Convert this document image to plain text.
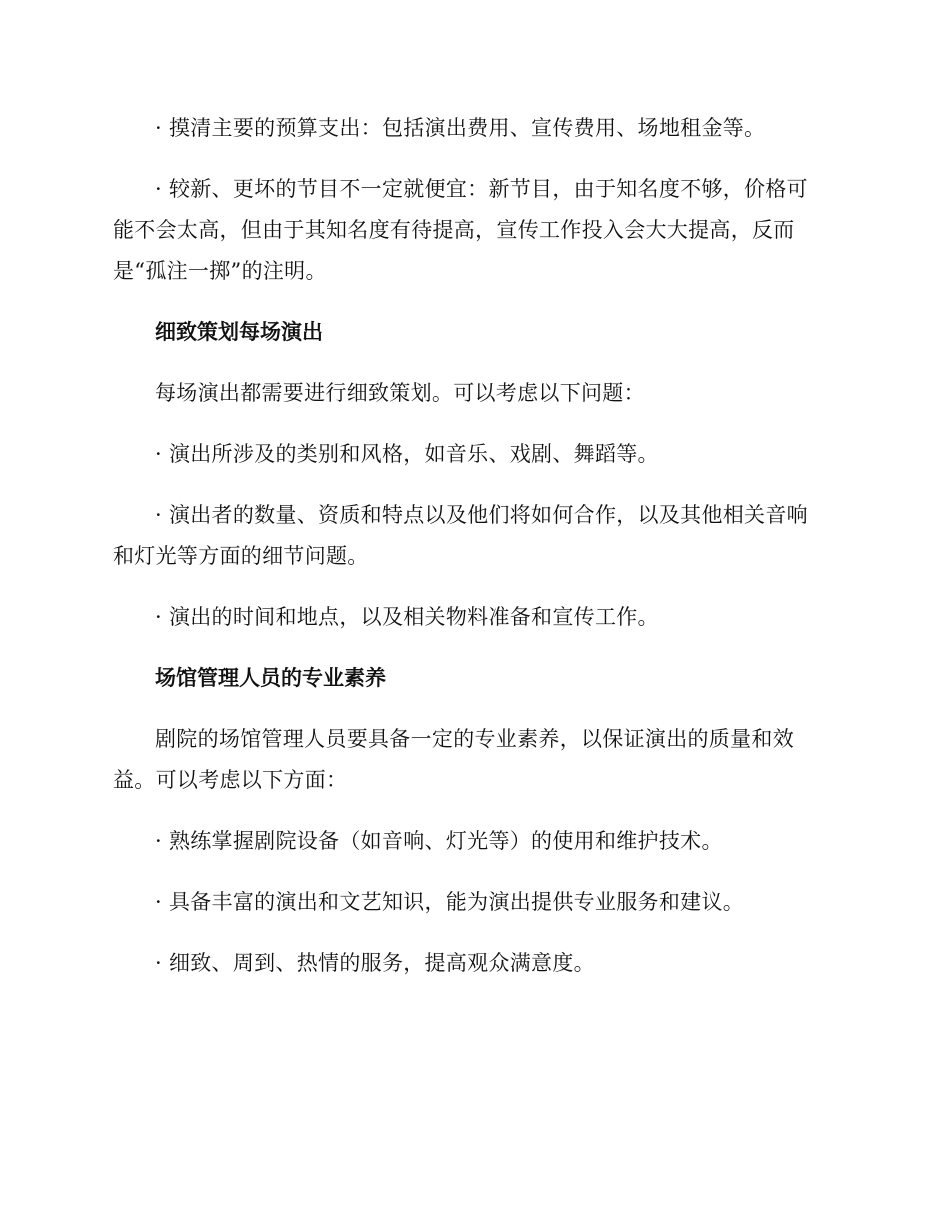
· 摸清主要的预算支出：包括演出费用、宣传费用、场地租金等。

· 较新、更坏的节目不一定就便宜：新节目，由于知名度不够，价格可能不会太高，但由于其知名度有待提高，宣传工作投入会大大提高，反而是“孤注一掷”的注明。

细致策划每场演出

每场演出都需要进行细致策划。可以考虑以下问题：

· 演出所涉及的类别和风格，如音乐、戏剧、舞蹈等。

· 演出者的数量、资质和特点以及他们将如何合作，以及其他相关音响和灯光等方面的细节问题。

· 演出的时间和地点，以及相关物料准备和宣传工作。

场馆管理人员的专业素养

剧院的场馆管理人员要具备一定的专业素养，以保证演出的质量和效益。可以考虑以下方面：

· 熟练掌握剧院设备（如音响、灯光等）的使用和维护技术。

· 具备丰富的演出和文艺知识，能为演出提供专业服务和建议。

· 细致、周到、热情的服务，提高观众满意度。
